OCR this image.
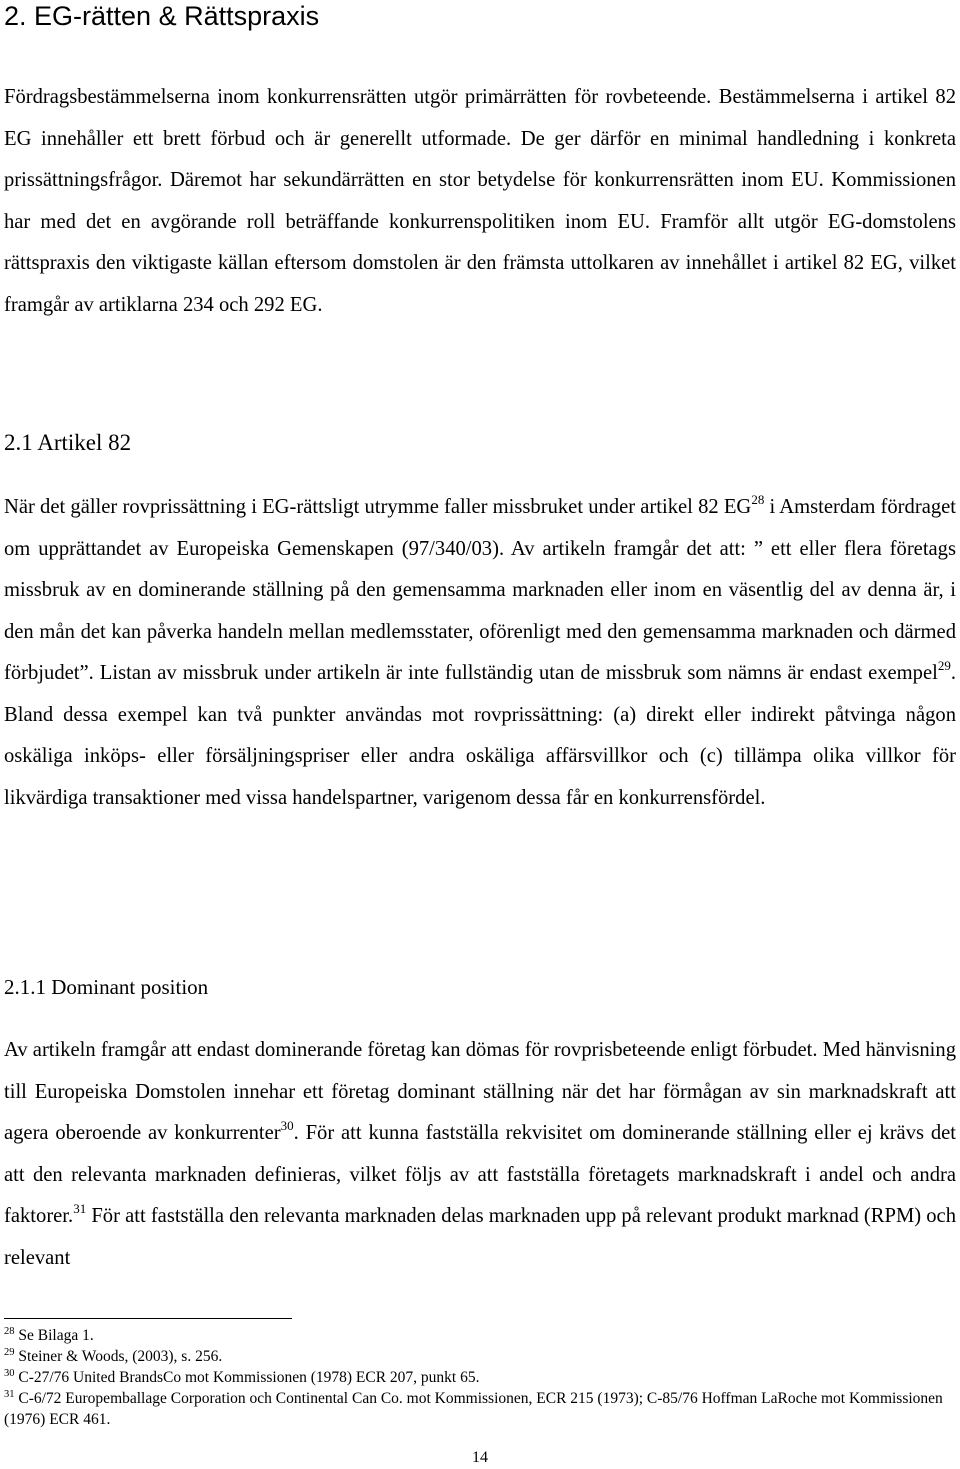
2. EG-rätten & Rättspraxis

Fördragsbestämmelserna inom konkurrensrätten utgör primärrätten för rovbeteende. Bestämmelserna i artikel 82 EG innehåller ett brett förbud och är generellt utformade. De ger därför en minimal handledning i konkreta prissättningsfrågor. Däremot har sekundärrätten en stor betydelse för konkurrensrätten inom EU. Kommissionen har med det en avgörande roll beträffande konkurrenspolitiken inom EU. Framför allt utgör EG-domstolens rättspraxis den viktigaste källan eftersom domstolen är den främsta uttolkaren av innehållet i artikel 82 EG, vilket framgår av artiklarna 234 och 292 EG.

2.1 Artikel 82

När det gäller rovprissättning i EG-rättsligt utrymme faller missbruket under artikel 82 EG$^{28}$ i Amsterdam fördraget om upprättandet av Europeiska Gemenskapen (97/340/03). Av artikeln framgår det att: ” ett eller flera företags missbruk av en dominerande ställning på den gemensamma marknaden eller inom en väsentlig del av denna är, i den mån det kan påverka handeln mellan medlemsstater, oförenligt med den gemensamma marknaden och därmed förbjudet”. Listan av missbruk under artikeln är inte fullständig utan de missbruk som nämns är endast exempel$^{29}$. Bland dessa exempel kan två punkter användas mot rovprissättning: (a) direkt eller indirekt påtvinga någon oskäliga inköps- eller försäljningspriser eller andra oskäliga affärsvillkor och (c) tillämpa olika villkor för likvärdiga transaktioner med vissa handelspartner, varigenom dessa får en konkurrensfördel.

2.1.1 Dominant position

Av artikeln framgår att endast dominerande företag kan dömas för rovprisbeteende enligt förbudet. Med hänvisning till Europeiska Domstolen innehar ett företag dominant ställning när det har förmågan av sin marknadskraft att agera oberoende av konkurrenter$^{30}$. För att kunna fastställa rekvisitet om dominerande ställning eller ej krävs det att den relevanta marknaden definieras, vilket följs av att fastställa företagets marknadskraft i andel och andra faktorer.$^{31}$ För att fastställa den relevanta marknaden delas marknaden upp på relevant produkt marknad (RPM) och relevant

$^{28}$ Se Bilaga 1.

$^{29}$ Steiner & Woods, (2003), s. 256.

$^{30}$ C-27/76 United BrandsCo mot Kommissionen (1978) ECR 207, punkt 65.

$^{31}$ C-6/72 Europemballage Corporation och Continental Can Co. mot Kommissionen, ECR 215 (1973); C-85/76 Hoffman LaRoche mot Kommissionen (1976) ECR 461.

14
